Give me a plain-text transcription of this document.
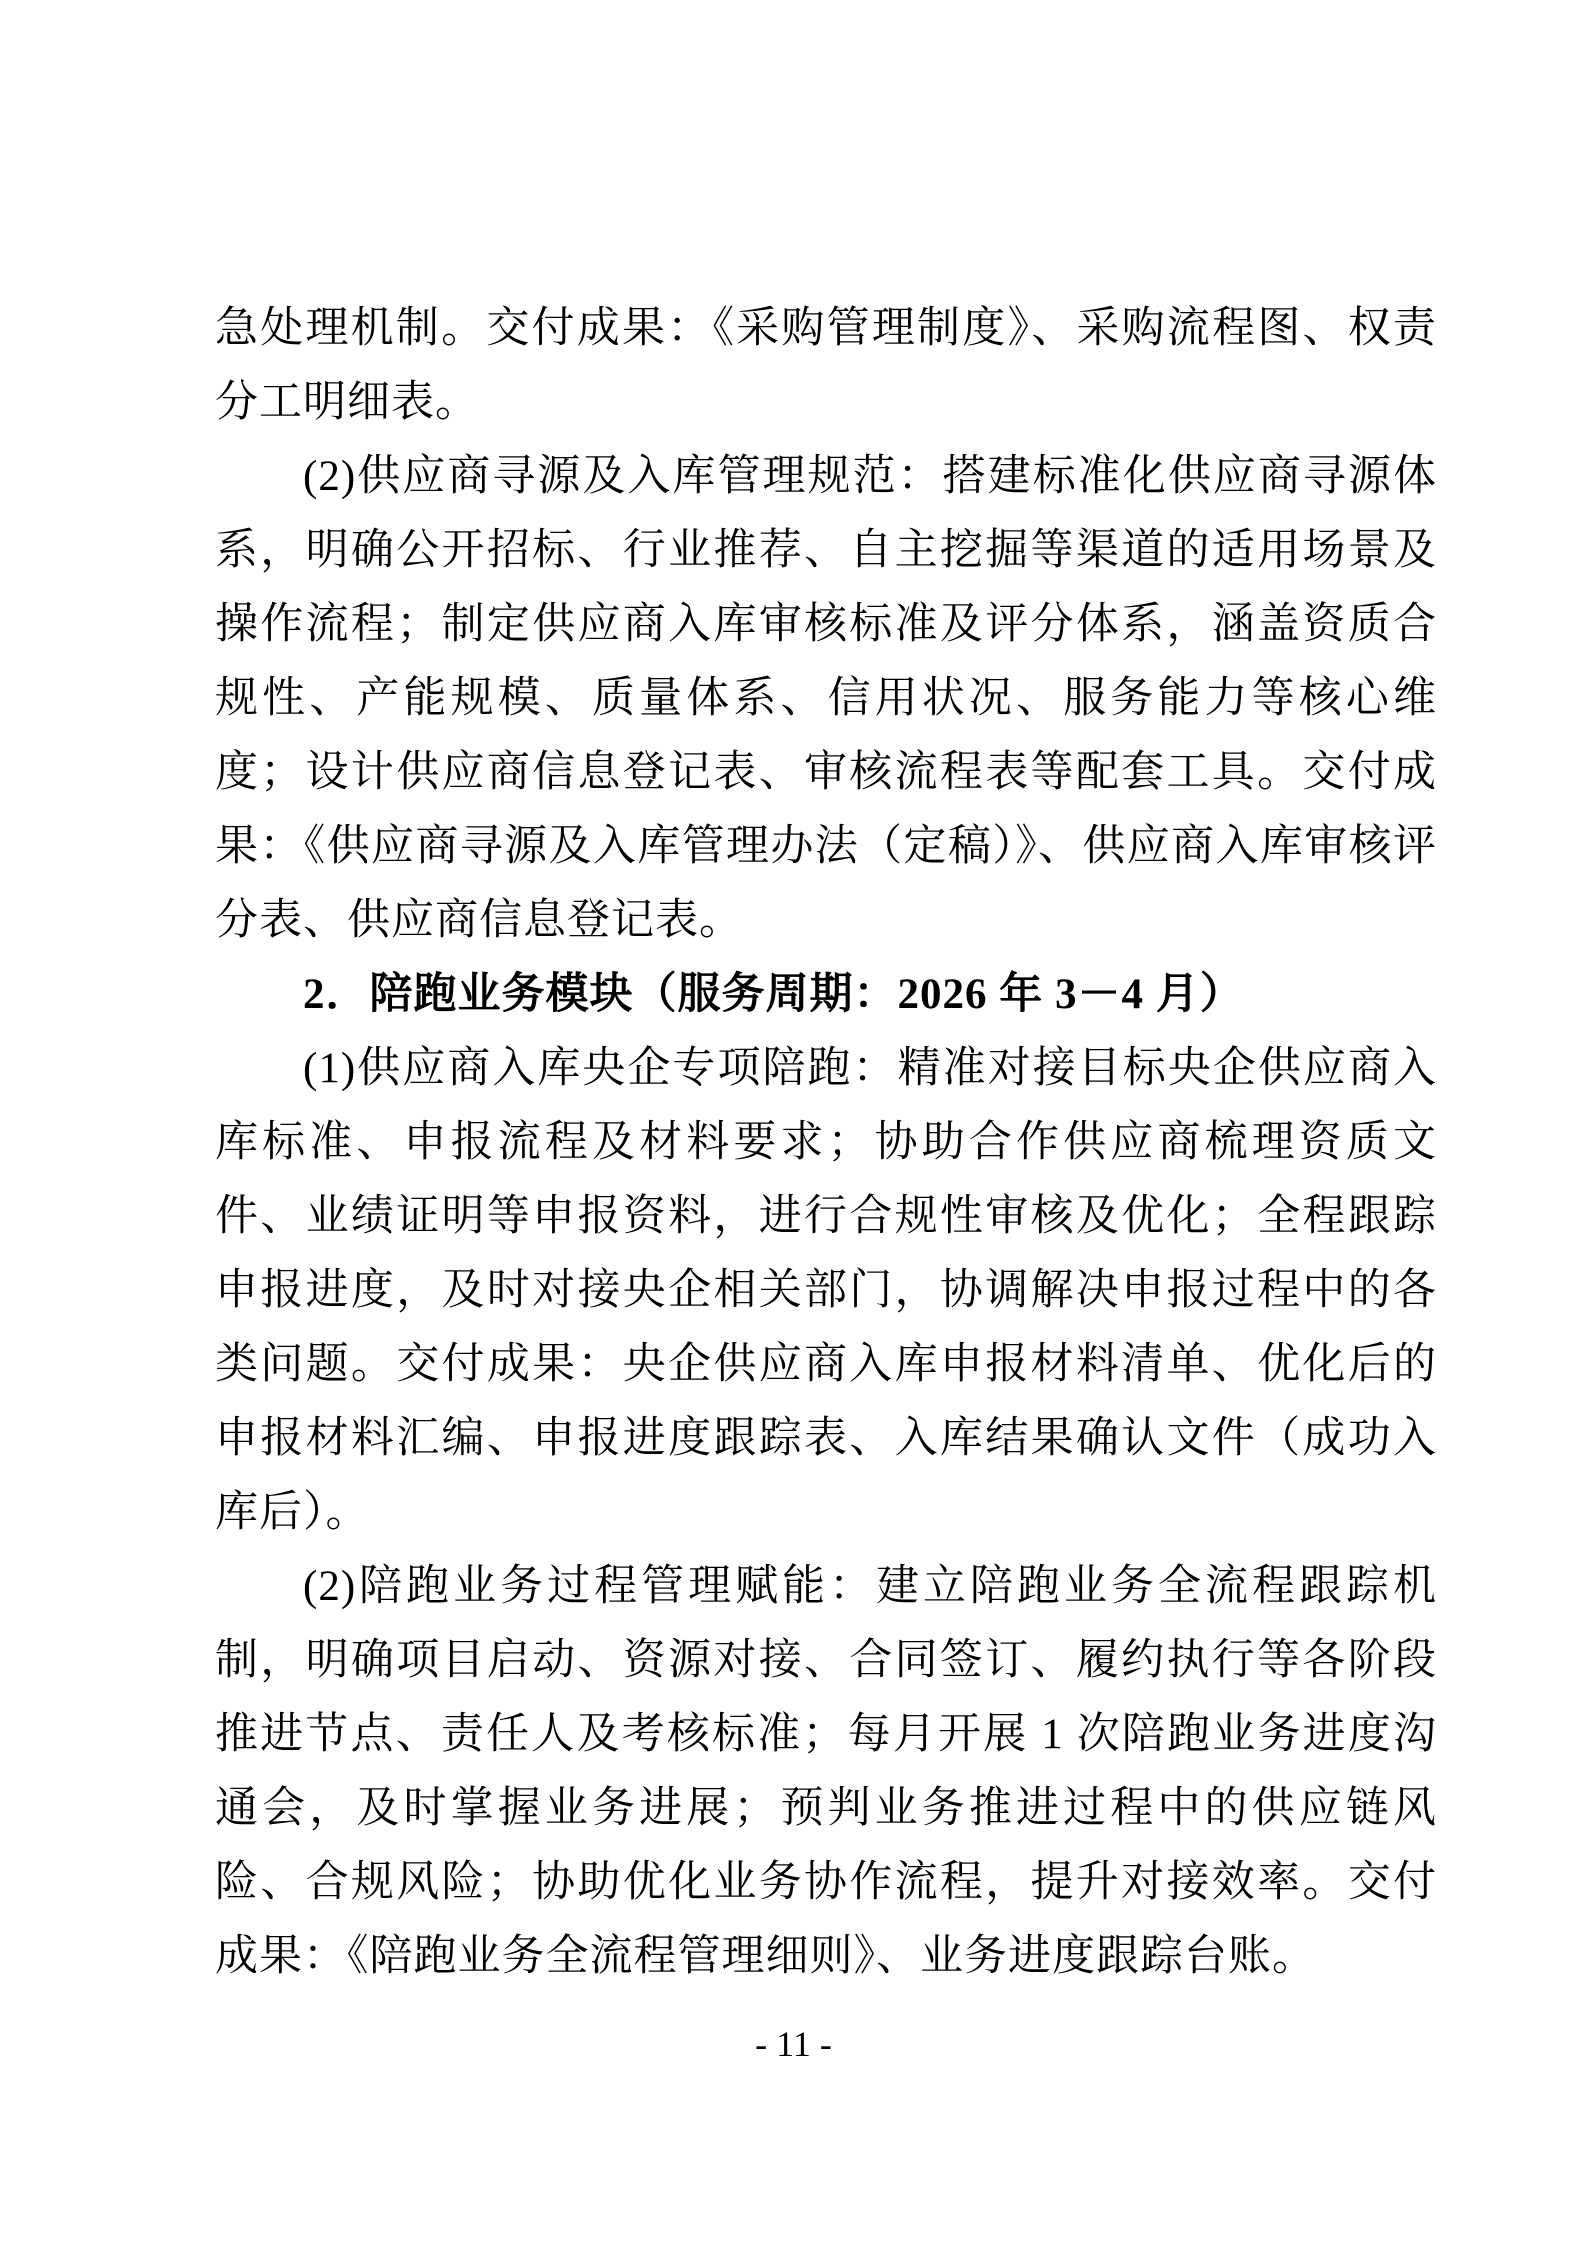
急处理机制。交付成果：《采购管理制度》、采购流程图、权责分工明细表。

(2)供应商寻源及入库管理规范：搭建标准化供应商寻源体系，明确公开招标、行业推荐、自主挖掘等渠道的适用场景及操作流程；制定供应商入库审核标准及评分体系，涵盖资质合规性、产能规模、质量体系、信用状况、服务能力等核心维度；设计供应商信息登记表、审核流程表等配套工具。交付成果：《供应商寻源及入库管理办法（定稿）》、供应商入库审核评分表、供应商信息登记表。

2．陪跑业务模块（服务周期：2026 年 3－4 月）

(1)供应商入库央企专项陪跑：精准对接目标央企供应商入库标准、申报流程及材料要求；协助合作供应商梳理资质文件、业绩证明等申报资料，进行合规性审核及优化；全程跟踪申报进度，及时对接央企相关部门，协调解决申报过程中的各类问题。交付成果：央企供应商入库申报材料清单、优化后的申报材料汇编、申报进度跟踪表、入库结果确认文件（成功入库后）。

(2)陪跑业务过程管理赋能：建立陪跑业务全流程跟踪机制，明确项目启动、资源对接、合同签订、履约执行等各阶段推进节点、责任人及考核标准；每月开展 1 次陪跑业务进度沟通会，及时掌握业务进展；预判业务推进过程中的供应链风险、合规风险；协助优化业务协作流程，提升对接效率。交付成果：《陪跑业务全流程管理细则》、业务进度跟踪台账。

- 11 -
